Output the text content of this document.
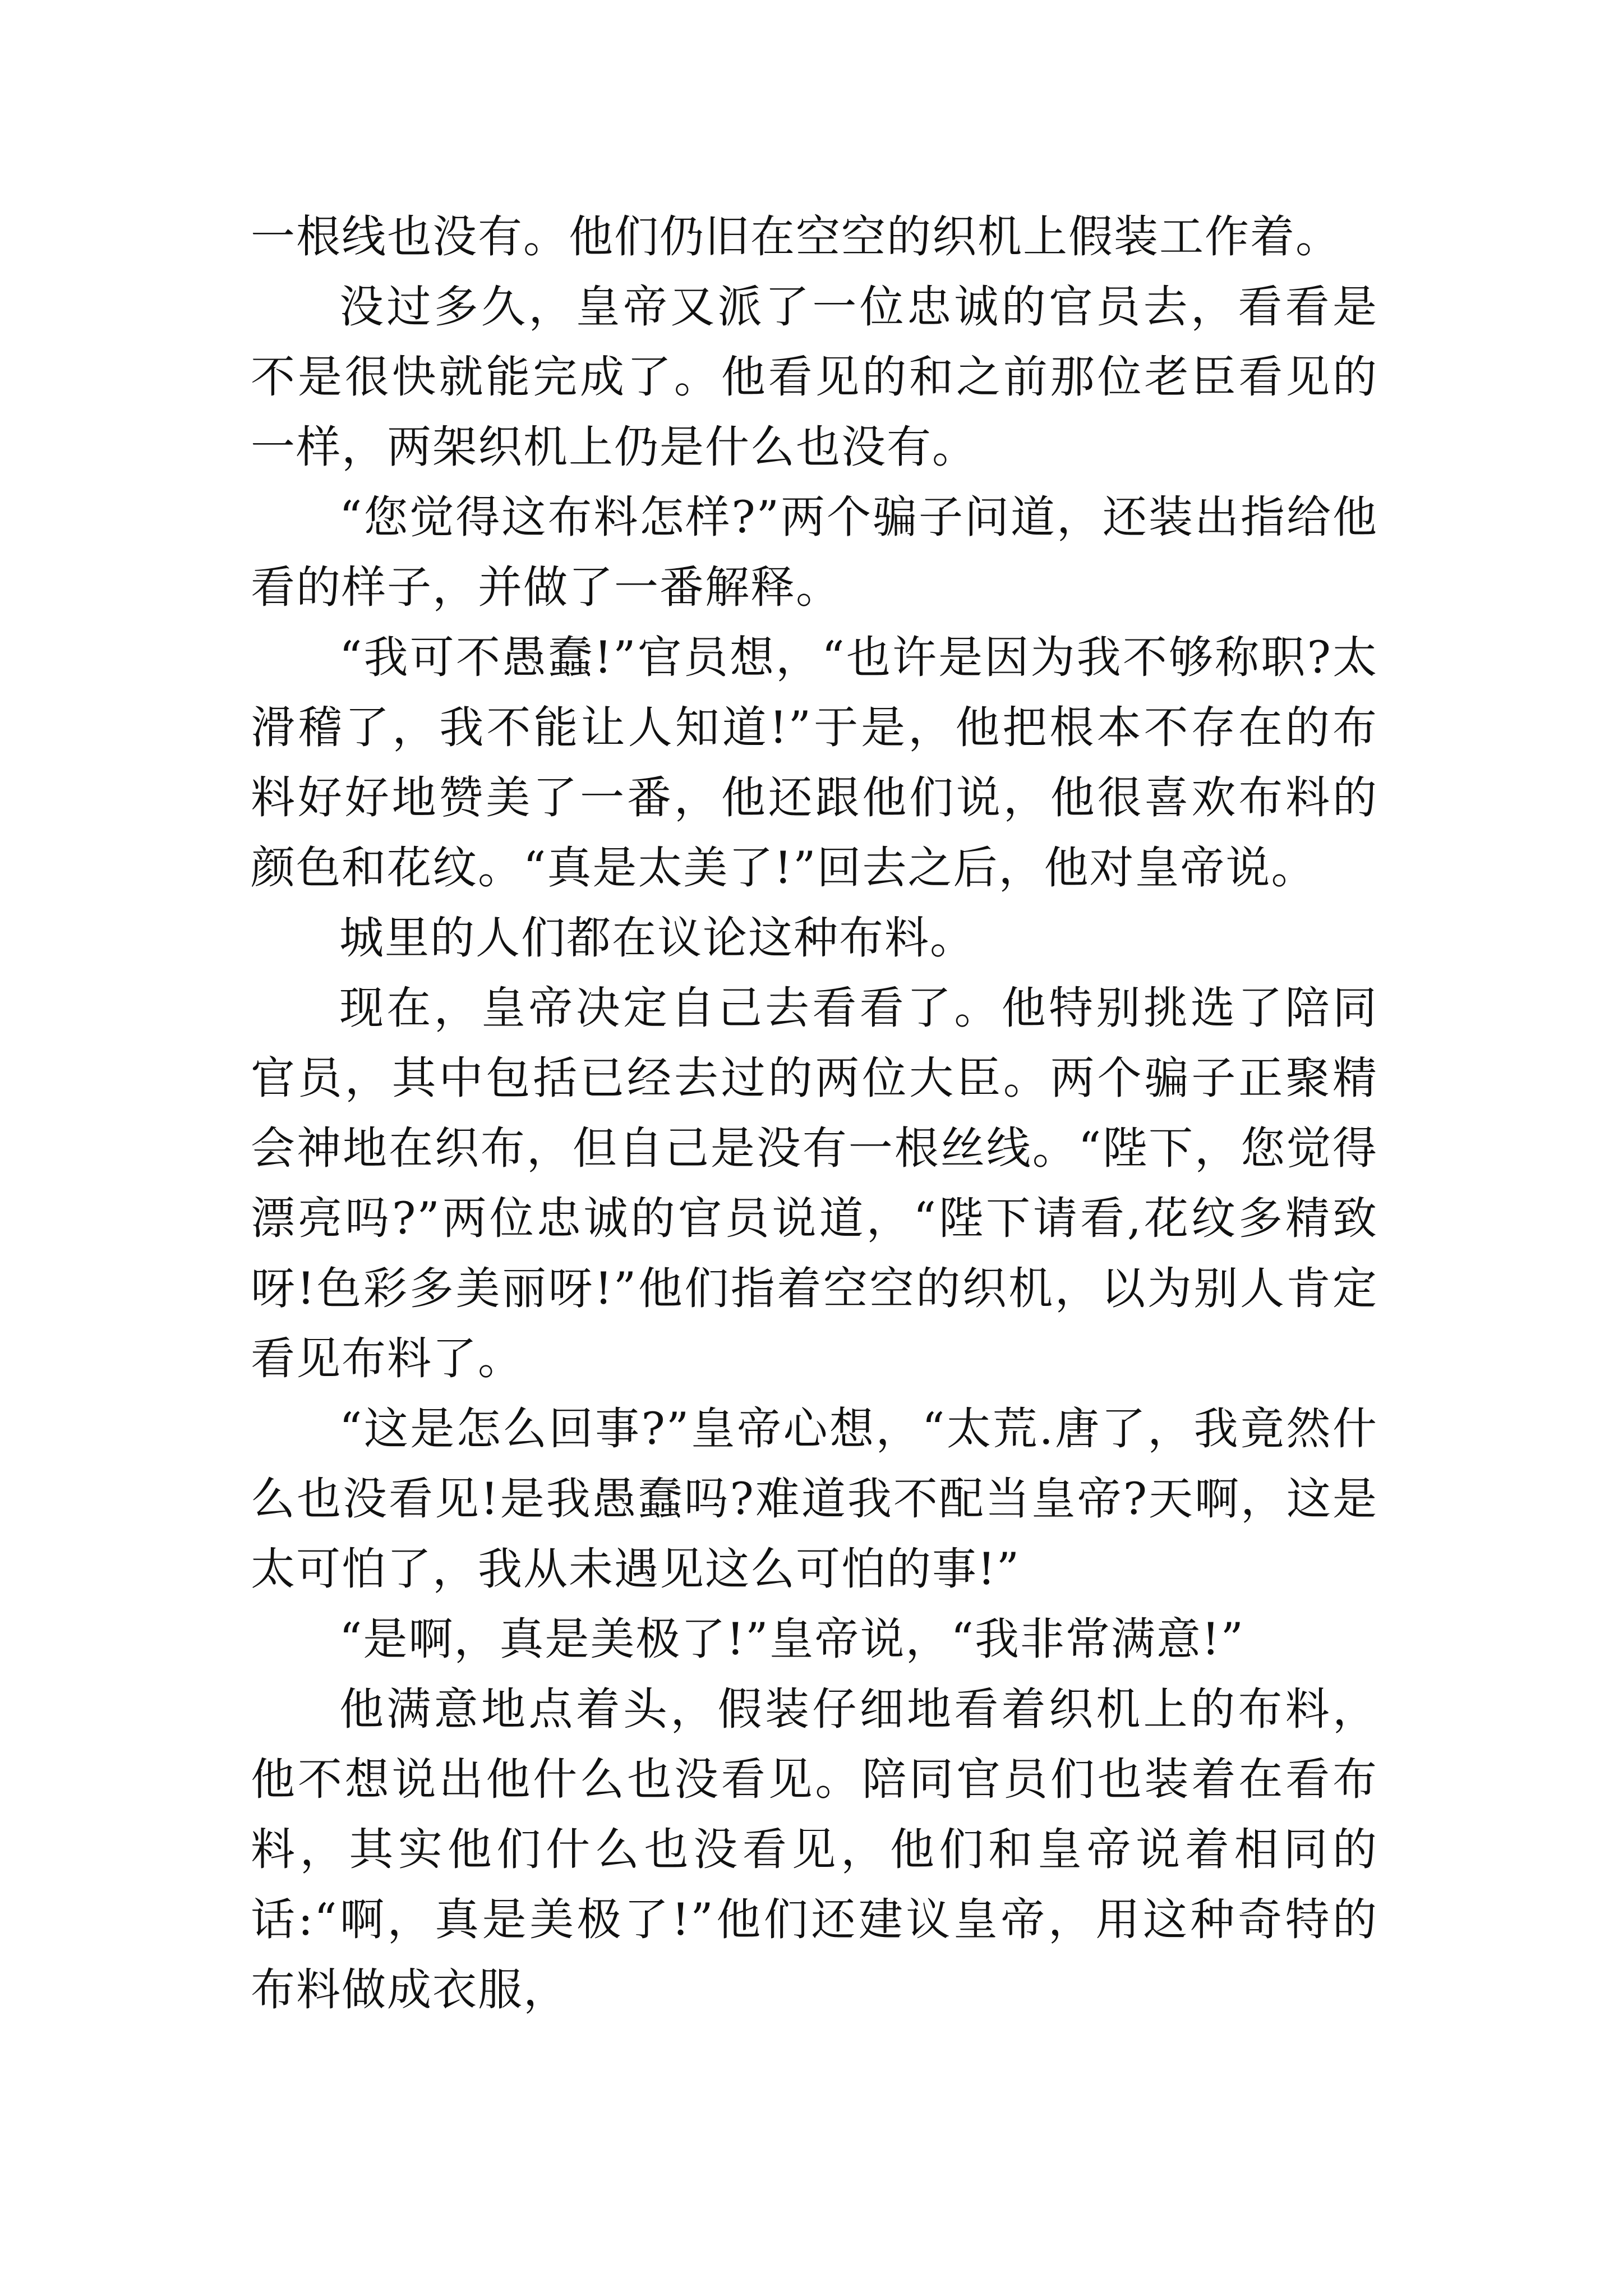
一根线也没有。他们仍旧在空空的织机上假装工作着。

没过多久，皇帝又派了一位忠诚的官员去，看看是不是很快就能完成了。他看见的和之前那位老臣看见的一样，两架织机上仍是什么也没有。

“您觉得这布料怎样?”两个骗子问道，还装出指给他看的样子，并做了一番解释。

“我可不愚蠢!”官员想，“也许是因为我不够称职?太滑稽了，我不能让人知道!”于是，他把根本不存在的布料好好地赞美了一番，他还跟他们说，他很喜欢布料的颜色和花纹。“真是太美了!”回去之后，他对皇帝说。

城里的人们都在议论这种布料。

现在，皇帝决定自己去看看了。他特别挑选了陪同官员，其中包括已经去过的两位大臣。两个骗子正聚精会神地在织布，但自己是没有一根丝线。“陛下，您觉得漂亮吗?”两位忠诚的官员说道，“陛下请看,花纹多精致呀!色彩多美丽呀!”他们指着空空的织机，以为别人肯定看见布料了。

“这是怎么回事?”皇帝心想，“太荒.唐了，我竟然什么也没看见!是我愚蠢吗?难道我不配当皇帝?天啊，这是太可怕了，我从未遇见这么可怕的事!”

“是啊，真是美极了!”皇帝说，“我非常满意!”

他满意地点着头，假装仔细地看着织机上的布料，他不想说出他什么也没看见。陪同官员们也装着在看布料，其实他们什么也没看见，他们和皇帝说着相同的话:“啊，真是美极了!”他们还建议皇帝，用这种奇特的布料做成衣服，
